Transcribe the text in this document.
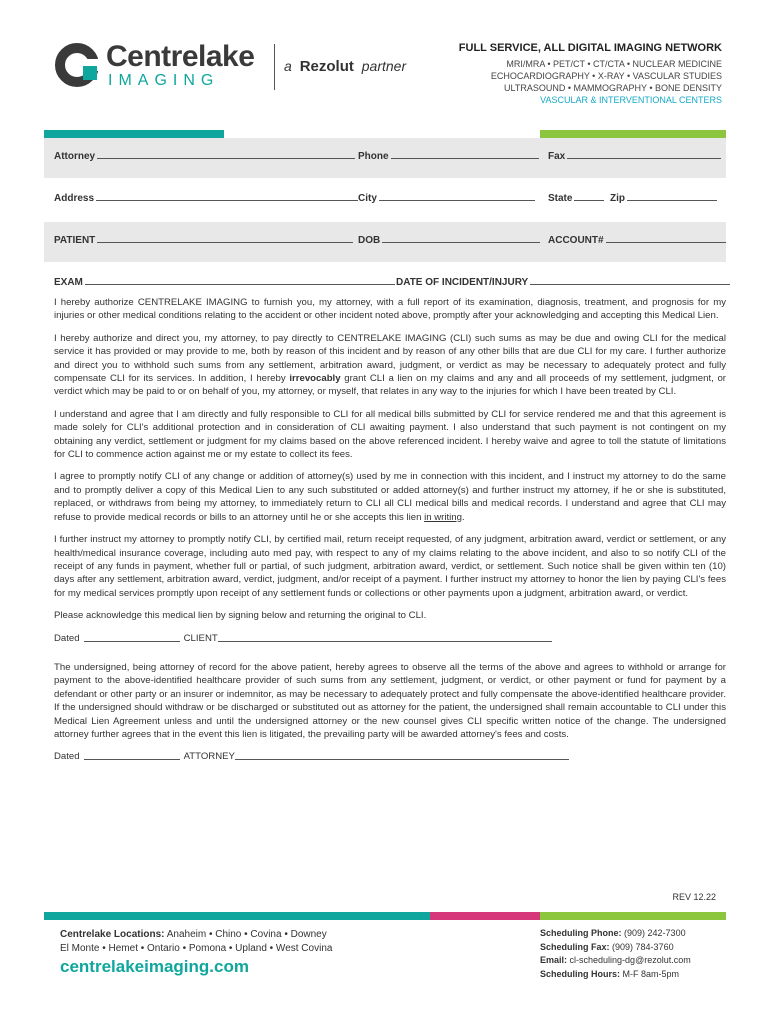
Centrelake
IMAGING
a Rezolut partner
FULL SERVICE, ALL DIGITAL IMAGING NETWORK
MRI/MRA • PET/CT • CT/CTA • NUCLEAR MEDICINE
ECHOCARDIOGRAPHY • X-RAY • VASCULAR STUDIES
ULTRASOUND • MAMMOGRAPHY • BONE DENSITY
VASCULAR & INTERVENTIONAL CENTERS
Attorney	Phone	Fax
Address	City	State	Zip
PATIENT	DOB	ACCOUNT#
EXAM	DATE OF INCIDENT/INJURY

I hereby authorize CENTRELAKE IMAGING to furnish you, my attorney, with a full report of its examination, diagnosis, treatment, and prognosis for my injuries or other medical conditions relating to the accident or other incident noted above, promptly after your acknowledging and accepting this Medical Lien.

I hereby authorize and direct you, my attorney, to pay directly to CENTRELAKE IMAGING (CLI) such sums as may be due and owing CLI for the medical service it has provided or may provide to me, both by reason of this incident and by reason of any other bills that are due CLI for my care. I further authorize and direct you to withhold such sums from any settlement, arbitration award, judgment, or verdict as may be necessary to adequately protect and fully compensate CLI for its services. In addition, I hereby irrevocably grant CLI a lien on my claims and any and all proceeds of my settlement, judgment, or verdict which may be paid to or on behalf of you, my attorney, or myself, that relates in any way to the injuries for which I have been treated by CLI.

I understand and agree that I am directly and fully responsible to CLI for all medical bills submitted by CLI for service rendered me and that this agreement is made solely for CLI's additional protection and in consideration of CLI awaiting payment. I also understand that such payment is not contingent on my obtaining any verdict, settlement or judgment for my claims based on the above referenced incident. I hereby waive and agree to toll the statute of limitations for CLI to commence action against me or my estate to collect its fees.

I agree to promptly notify CLI of any change or addition of attorney(s) used by me in connection with this incident, and I instruct my attorney to do the same and to promptly deliver a copy of this Medical Lien to any such substituted or added attorney(s) and further instruct my attorney, if he or she is substituted, replaced, or withdraws from being my attorney, to immediately return to CLI all CLI medical bills and medical records. I understand and agree that CLI may refuse to provide medical records or bills to an attorney until he or she accepts this lien in writing.

I further instruct my attorney to promptly notify CLI, by certified mail, return receipt requested, of any judgment, arbitration award, verdict or settlement, or any health/medical insurance coverage, including auto med pay, with respect to any of my claims relating to the above incident, and also to so notify CLI of the receipt of any funds in payment, whether full or partial, of such judgment, arbitration award, verdict, or settlement. Such notice shall be given within ten (10) days after any settlement, arbitration award, verdict, judgment, and/or receipt of a payment. I further instruct my attorney to honor the lien by paying CLI's fees for my medical services promptly upon receipt of any settlement funds or collections or other payments upon a judgment, arbitration award, or verdict.

Please acknowledge this medical lien by signing below and returning the original to CLI.

Dated	CLIENT

The undersigned, being attorney of record for the above patient, hereby agrees to observe all the terms of the above and agrees to withhold or arrange for payment to the above-identified healthcare provider of such sums from any settlement, judgment, or verdict, or other payment or fund for payment by a defendant or other party or an insurer or indemnitor, as may be necessary to adequately protect and fully compensate the above-identified healthcare provider. If the undersigned should withdraw or be discharged or substituted out as attorney for the patient, the undersigned shall remain accountable to CLI under this Medical Lien Agreement unless and until the undersigned attorney or the new counsel gives CLI specific written notice of the change. The undersigned attorney further agrees that in the event this lien is litigated, the prevailing party will be awarded attorney's fees and costs.

Dated	ATTORNEY
REV 12.22
Centrelake Locations: Anaheim • Chino • Covina • Downey
El Monte • Hemet • Ontario • Pomona • Upland • West Covina
centrelakeimaging.com
Scheduling Phone: (909) 242-7300
Scheduling Fax: (909) 784-3760
Email: cl-scheduling-dg@rezolut.com
Scheduling Hours: M-F 8am-5pm
